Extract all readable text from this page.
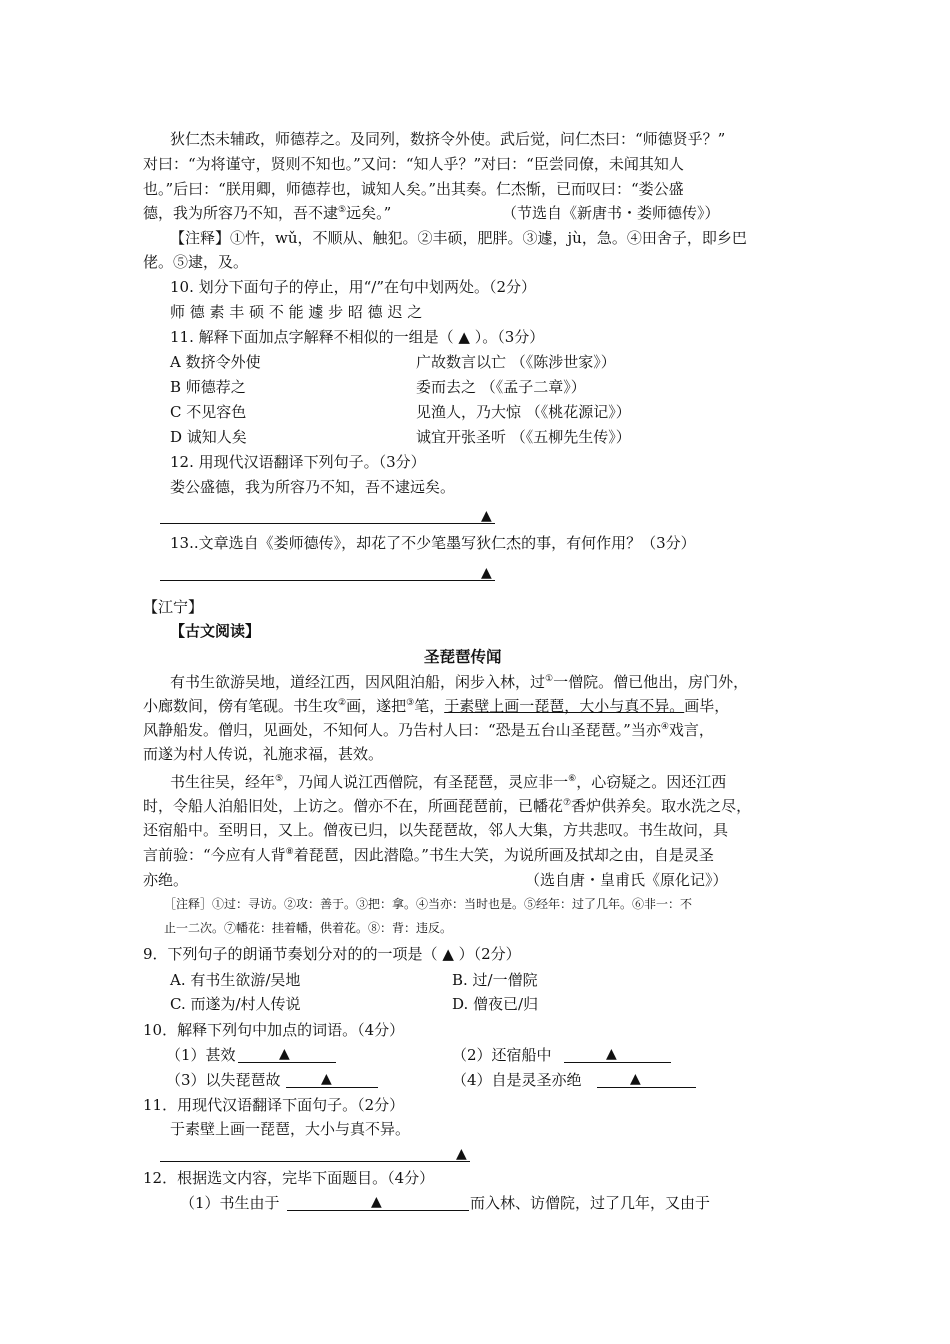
狄仁杰未辅政，师德荐之。及同列，数挤令外使。武后觉，问仁杰曰：“师德贤乎？”
对曰：“为将谨守，贤则不知也。”又问：“知人乎？”对曰：“臣尝同僚，未闻其知人
也。”后曰：“朕用卿，师德荐也，诚知人矣。”出其奏。仁杰惭，已而叹曰：“娄公盛
德，我为所容乃不知，吾不逮⑤远矣。”	（节选自《新唐书・娄师德传》）
【注释】①忤，wǔ，不顺从、触犯。②丰硕，肥胖。③遽，jù，急。④田舍子，即乡巴
佬。⑤逮，及。
10. 划分下面句子的停止，用“/”在句中划两处。（2分）
师 德 素 丰 硕 不 能 遽 步 昭 德 迟 之
11. 解释下面加点字解释不相似的一组是（ ▲ ）。（3分）
A 数挤令外使	广故数言以亡 （《陈涉世家》）
B 师德荐之	委而去之 （《孟子二章》）
C 不见容色	见渔人，乃大惊 （《桃花源记》）
D 诚知人矣	诚宜开张圣听 （《五柳先生传》）
12. 用现代汉语翻译下列句子。（3分）
娄公盛德，我为所容乃不知，吾不逮远矣。
▲
13..文章选自《娄师德传》，却花了不少笔墨写狄仁杰的事，有何作用？（3分）
▲
【江宁】
【古文阅读】
圣琵琶传闻
有书生欲游吴地，道经江西，因风阻泊船，闲步入林，过①一僧院。僧已他出，房门外，
小廊数间，傍有笔砚。书生攻②画，遂把③笔，于素壁上画一琵琶，大小与真不异。画毕，
风静船发。僧归，见画处，不知何人。乃告村人曰：“恐是五台山圣琵琶。”当亦④戏言，
而遂为村人传说，礼施求福，甚效。
书生往吴，经年⑤，乃闻人说江西僧院，有圣琵琶，灵应非一⑥，心窃疑之。因还江西
时，令船人泊船旧处，上访之。僧亦不在，所画琵琶前，已幡花⑦香炉供养矣。取水洗之尽，
还宿船中。至明日，又上。僧夜已归，以失琵琶故，邻人大集，方共悲叹。书生故问，具
言前验：“今应有人背⑧着琵琶，因此潜隐。”书生大笑，为说所画及拭却之由，自是灵圣
亦绝。	（选自唐・皇甫氏《原化记》）
［注释］①过：寻访。②攻：善于。③把：拿。④当亦：当时也是。⑤经年：过了几年。⑥非一：不
止一二次。⑦幡花：挂着幡，供着花。⑧：背：违反。
9．下列句子的朗诵节奏划分对的的一项是（ ▲ ）（2分）
A. 有书生欲游/吴地	B. 过/一僧院
C. 而遂为/村人传说	D. 僧夜已/归
10．解释下列句中加点的词语。（4分）
（1）甚效	▲	（2）还宿船中	▲
（3）以失琵琶故	▲	（4）自是灵圣亦绝	▲
11．用现代汉语翻译下面句子。（2分）
于素壁上画一琵琶，大小与真不异。
▲
12．根据选文内容，完毕下面题目。（4分）
（1）书生由于	▲	而入林、访僧院，过了几年，又由于
